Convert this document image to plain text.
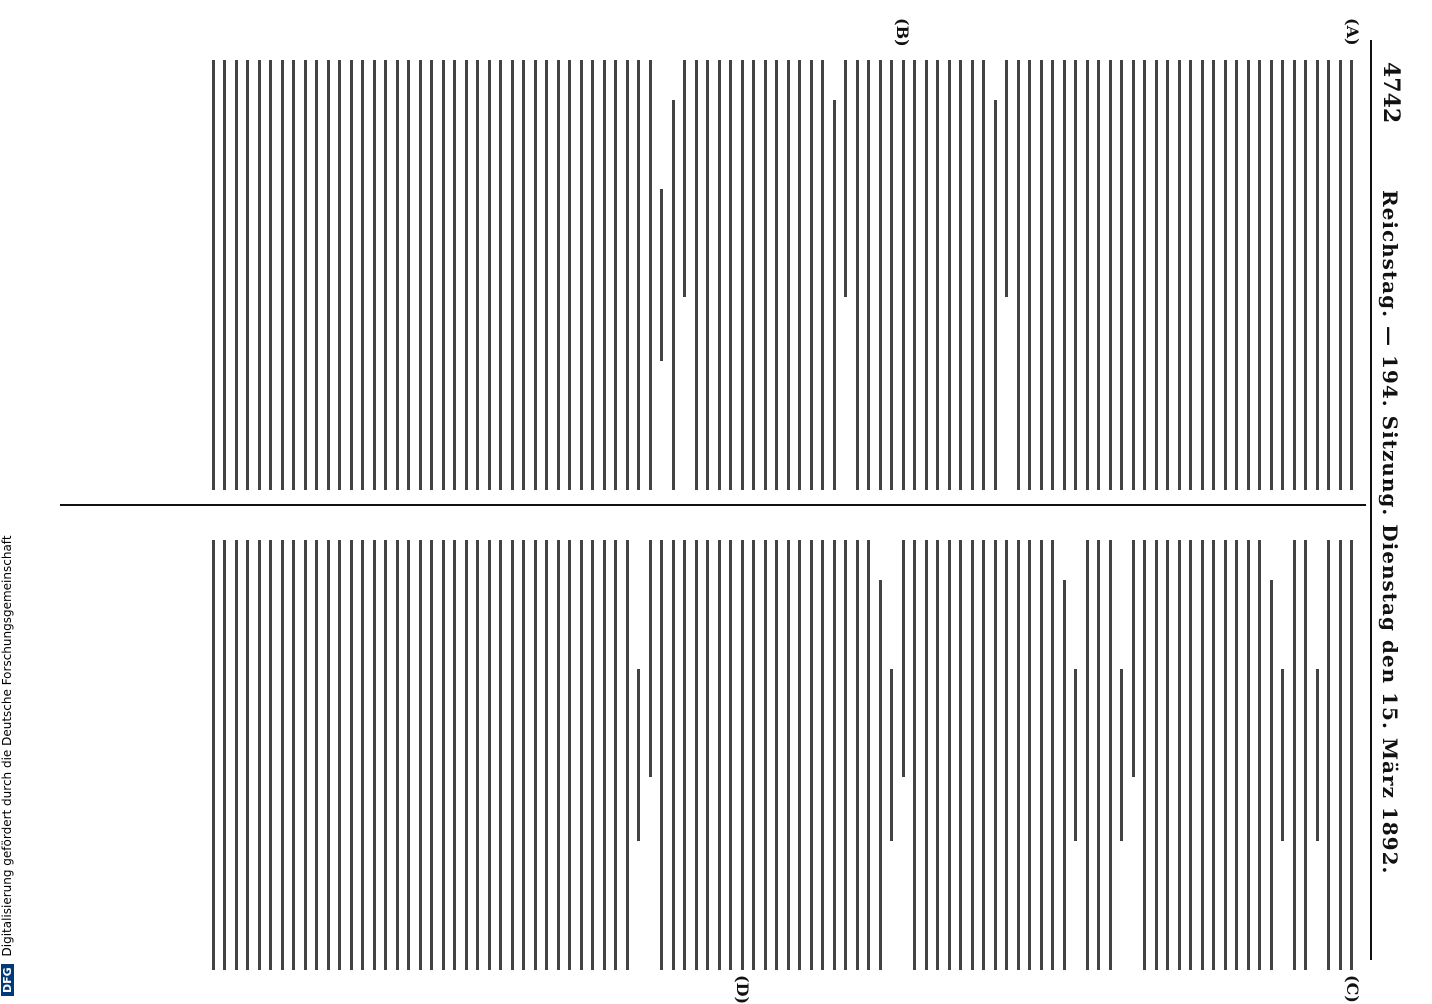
4742
Reichstag. — 194. Sitzung. Dienstag den 15. März 1892.
(A)
(B)
(C)
(D)
DFG Digitalisierung gefördert durch die Deutsche Forschungsgemeinschaft
